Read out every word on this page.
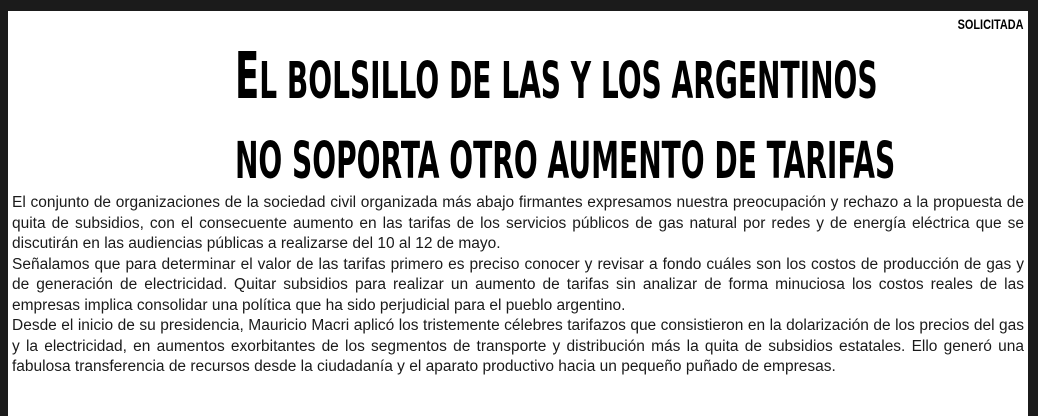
SOLICITADA
EL BOLSILLO DE LAS Y LOS ARGENTINOS
NO SOPORTA OTRO AUMENTO DE TARIFAS

El conjunto de organizaciones de la sociedad civil organizada más abajo firmantes expresamos nuestra preocupación y rechazo a la propuesta de quita de subsidios, con el consecuente aumento en las tarifas de los servicios públicos de gas natural por redes y de energía eléctrica que se discutirán en las audiencias públicas a realizarse del 10 al 12 de mayo.

Señalamos que para determinar el valor de las tarifas primero es preciso conocer y revisar a fondo cuáles son los costos de producción de gas y de generación de electricidad. Quitar subsidios para realizar un aumento de tarifas sin analizar de forma minuciosa los costos reales de las empresas implica consolidar una política que ha sido perjudicial para el pueblo argentino.

Desde el inicio de su presidencia, Mauricio Macri aplicó los tristemente célebres tarifazos que consistieron en la dolarización de los precios del gas y la electricidad, en aumentos exorbitantes de los segmentos de transporte y distribución más la quita de subsidios estatales. Ello generó una fabulosa transferencia de recursos desde la ciudadanía y el aparato productivo hacia un pequeño puñado de empresas.
